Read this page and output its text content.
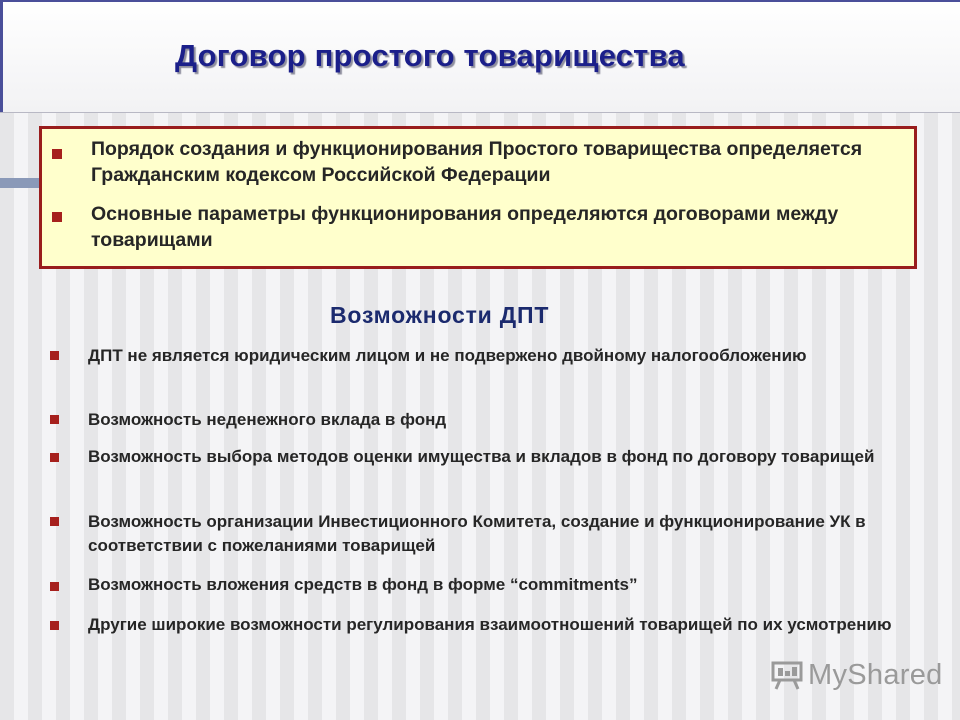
Договор простого товарищества
Порядок создания и функционирования Простого товарищества определяется Гражданским кодексом Российской Федерации
Основные параметры функционирования определяются договорами между товарищами
Возможности ДПТ
ДПТ не является юридическим лицом и не подвержено двойному налогообложению
Возможность неденежного вклада в фонд
Возможность выбора методов оценки имущества и вкладов в фонд по договору товарищей
Возможность организации Инвестиционного Комитета, создание и функционирование УК в соответствии с пожеланиями товарищей
Возможность вложения средств в фонд в форме “commitments”
Другие широкие возможности регулирования взаимоотношений товарищей по их усмотрению
MyShared
